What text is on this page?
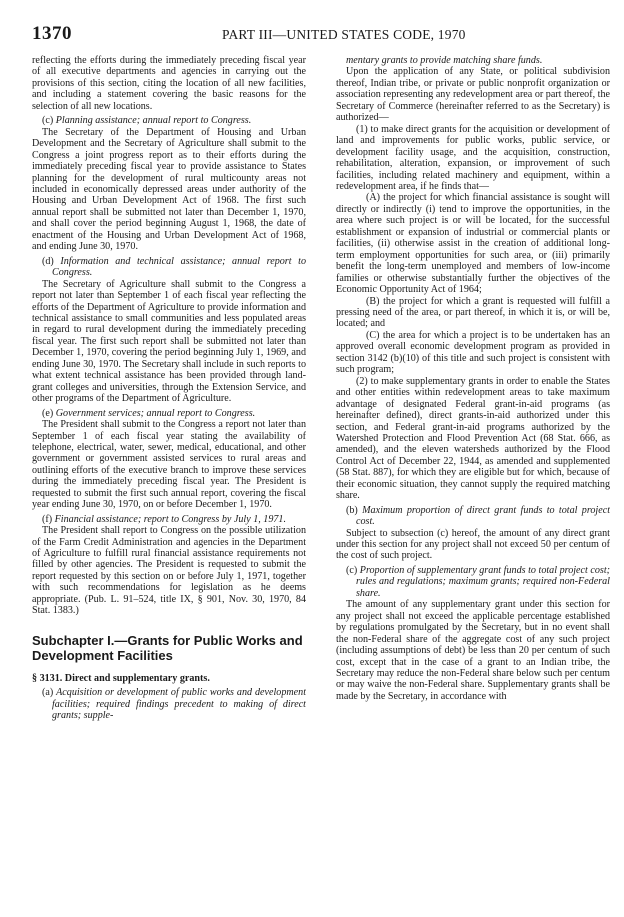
1370	PART III—UNITED STATES CODE, 1970

reflecting the efforts during the immediately preceding fiscal year of all executive departments and agencies in carrying out the provisions of this section, citing the location of all new facilities, and including a statement covering the basic reasons for the selection of all new locations.

(c) Planning assistance; annual report to Congress.

The Secretary of the Department of Housing and Urban Development and the Secretary of Agriculture shall submit to the Congress a joint progress report as to their efforts during the immediately preceding fiscal year to provide assistance to States planning for the development of rural multicounty areas not included in economically depressed areas under authority of the Housing and Urban Development Act of 1968. The first such annual report shall be submitted not later than December 1, 1970, and shall cover the period beginning August 1, 1968, the date of enactment of the Housing and Urban Development Act of 1968, and ending June 30, 1970.

(d) Information and technical assistance; annual report to Congress.

The Secretary of Agriculture shall submit to the Congress a report not later than September 1 of each fiscal year reflecting the efforts of the Department of Agriculture to provide information and technical assistance to small communities and less populated areas in regard to rural development during the immediately preceding fiscal year. The first such report shall be submitted not later than December 1, 1970, covering the period beginning July 1, 1969, and ending June 30, 1970. The Secretary shall include in such reports to what extent technical assistance has been provided through land-grant colleges and universities, through the Extension Service, and other programs of the Department of Agriculture.

(e) Government services; annual report to Congress.

The President shall submit to the Congress a report not later than September 1 of each fiscal year stating the availability of telephone, electrical, water, sewer, medical, educational, and other government or government assisted services to rural areas and outlining efforts of the executive branch to improve these services during the immediately preceding fiscal year. The President is requested to submit the first such annual report, covering the fiscal year ending June 30, 1970, on or before December 1, 1970.

(f) Financial assistance; report to Congress by July 1, 1971.

The President shall report to Congress on the possible utilization of the Farm Credit Administration and agencies in the Department of Agriculture to fulfill rural financial assistance requirements not filled by other agencies. The President is requested to submit the report requested by this section on or before July 1, 1971, together with such recommendations for legislation as he deems appropriate. (Pub. L. 91–524, title IX, § 901, Nov. 30, 1970, 84 Stat. 1383.)

Subchapter I.—Grants for Public Works and Development Facilities

§ 3131. Direct and supplementary grants.

(a) Acquisition or development of public works and development facilities; required findings precedent to making of direct grants; supple-

mentary grants to provide matching share funds.

Upon the application of any State, or political subdivision thereof, Indian tribe, or private or public nonprofit organization or association representing any redevelopment area or part thereof, the Secretary of Commerce (hereinafter referred to as the Secretary) is authorized—

(1) to make direct grants for the acquisition or development of land and improvements for public works, public service, or development facility usage, and the acquisition, construction, rehabilitation, alteration, expansion, or improvement of such facilities, including related machinery and equipment, within a redevelopment area, if he finds that—

(A) the project for which financial assistance is sought will directly or indirectly (i) tend to improve the opportunities, in the area where such project is or will be located, for the successful establishment or expansion of industrial or commercial plants or facilities, (ii) otherwise assist in the creation of additional long-term employment opportunities for such area, or (iii) primarily benefit the long-term unemployed and members of low-income families or otherwise substantially further the objectives of the Economic Opportunity Act of 1964;

(B) the project for which a grant is requested will fulfill a pressing need of the area, or part thereof, in which it is, or will be, located; and

(C) the area for which a project is to be undertaken has an approved overall economic development program as provided in section 3142 (b)(10) of this title and such project is consistent with such program;

(2) to make supplementary grants in order to enable the States and other entities within redevelopment areas to take maximum advantage of designated Federal grant-in-aid programs (as hereinafter defined), direct grants-in-aid authorized under this section, and Federal grant-in-aid programs authorized by the Watershed Protection and Flood Prevention Act (68 Stat. 666, as amended), and the eleven watersheds authorized by the Flood Control Act of December 22, 1944, as amended and supplemented (58 Stat. 887), for which they are eligible but for which, because of their economic situation, they cannot supply the required matching share.

(b) Maximum proportion of direct grant funds to total project cost.

Subject to subsection (c) hereof, the amount of any direct grant under this section for any project shall not exceed 50 per centum of the cost of such project.

(c) Proportion of supplementary grant funds to total project cost; rules and regulations; maximum grants; required non-Federal share.

The amount of any supplementary grant under this section for any project shall not exceed the applicable percentage established by regulations promulgated by the Secretary, but in no event shall the non-Federal share of the aggregate cost of any such project (including assumptions of debt) be less than 20 per centum of such cost, except that in the case of a grant to an Indian tribe, the Secretary may reduce the non-Federal share below such per centum or may waive the non-Federal share. Supplementary grants shall be made by the Secretary, in accordance with
